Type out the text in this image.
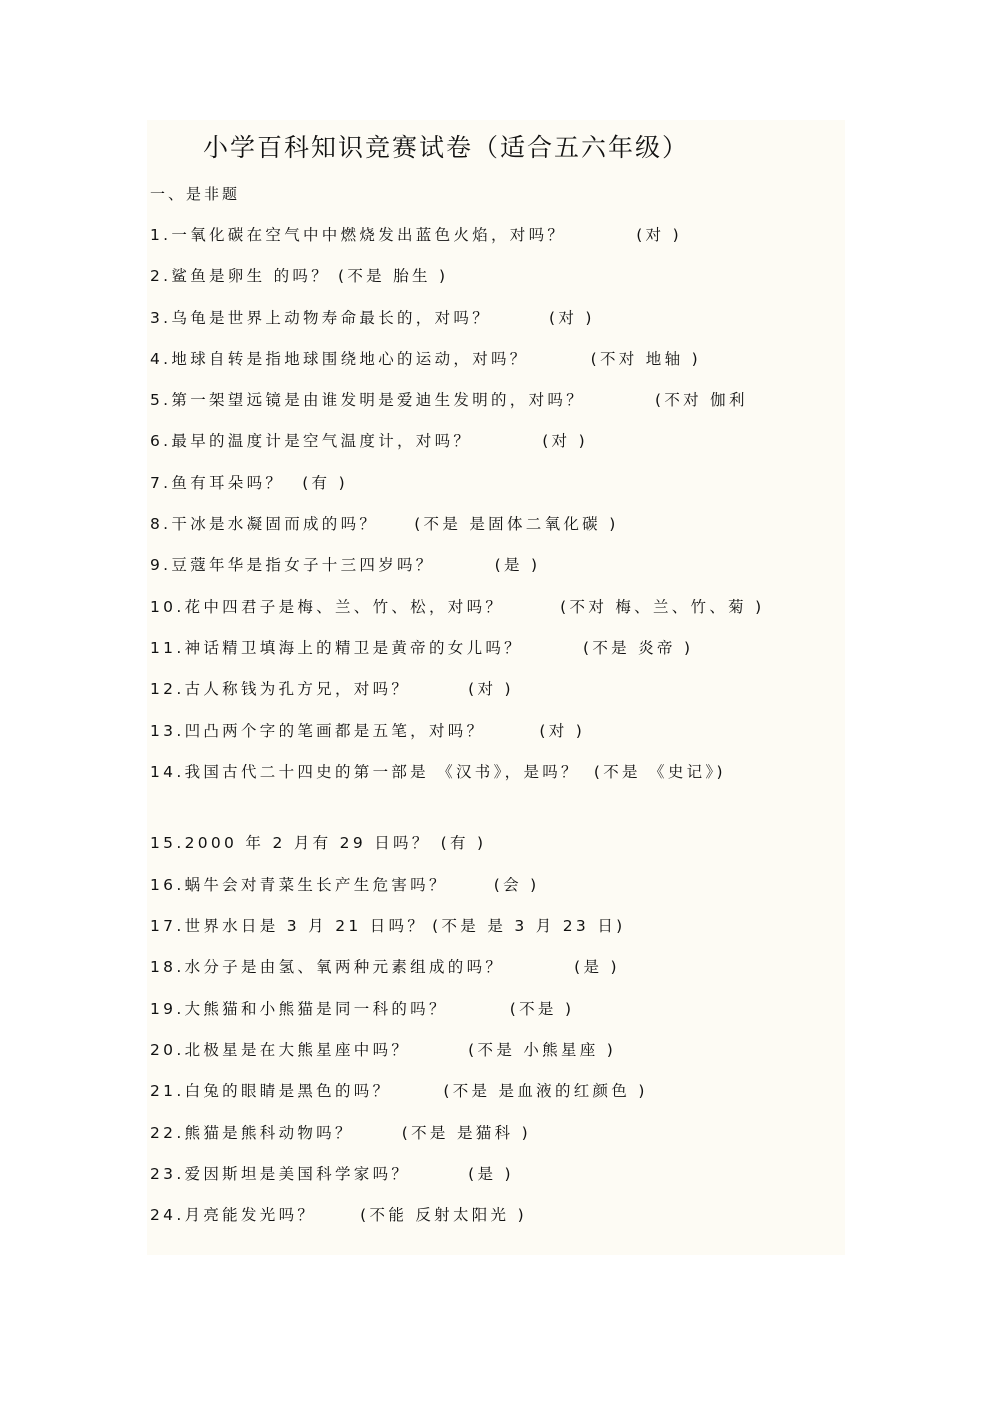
小学百科知识竞赛试卷（适合五六年级）
一、是非题
1.一氧化碳在空气中中燃烧发出蓝色火焰，对吗？	(对 )
2.鲨鱼是卵生 的吗？ (不是 胎生 )
3.乌龟是世界上动物寿命最长的，对吗？	(对 )
4.地球自转是指地球围绕地心的运动，对吗？	(不对 地轴 )
5.第一架望远镜是由谁发明是爱迪生发明的，对吗？	(不对 伽利
6.最早的温度计是空气温度计，对吗？	(对 )
7.鱼有耳朵吗？ (有 )
8.干冰是水凝固而成的吗？ (不是 是固体二氧化碳 )
9.豆蔻年华是指女子十三四岁吗？	(是 )
10.花中四君子是梅、兰、竹、松，对吗？	(不对 梅、兰、竹、菊 )
11.神话精卫填海上的精卫是黄帝的女儿吗？	(不是 炎帝 )
12.古人称钱为孔方兄，对吗？	(对 )
13.凹凸两个字的笔画都是五笔，对吗？	(对 )
14.我国古代二十四史的第一部是 《汉书》，是吗？ (不是 《史记》)
15.2000 年 2 月有 29 日吗？ (有 )
16.蜗牛会对青菜生长产生危害吗？	(会 )
17.世界水日是 3 月 21 日吗？ (不是 是 3 月 23 日)
18.水分子是由氢、氧两种元素组成的吗？	(是 )
19.大熊猫和小熊猫是同一科的吗？	(不是 )
20.北极星是在大熊星座中吗？	(不是 小熊星座 )
21.白兔的眼睛是黑色的吗？	(不是 是血液的红颜色 )
22.熊猫是熊科动物吗？	(不是 是猫科 )
23.爱因斯坦是美国科学家吗？	(是 )
24.月亮能发光吗？	(不能 反射太阳光 )
